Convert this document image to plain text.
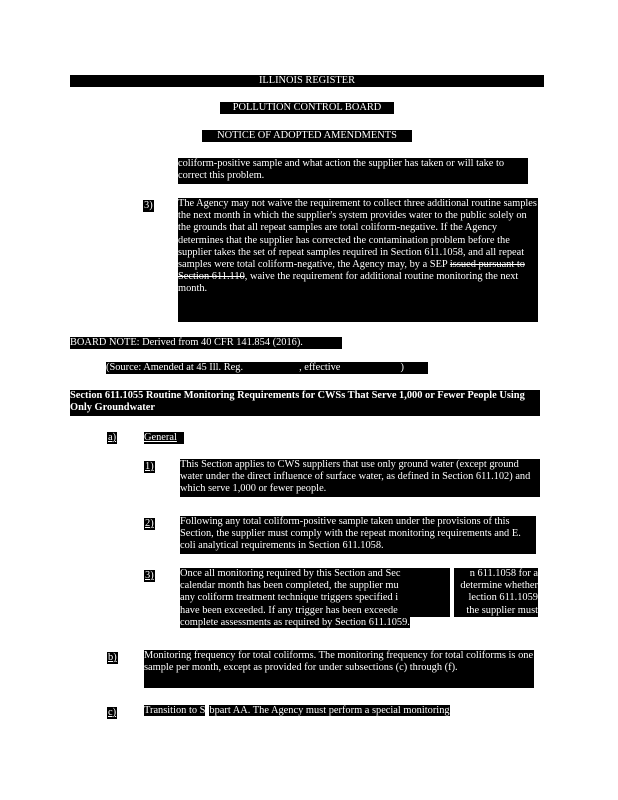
ILLINOIS REGISTER
POLLUTION CONTROL BOARD
NOTICE OF ADOPTED AMENDMENTS
coliform-positive sample and what action the supplier has taken or will take to correct this problem.
3) The Agency may not waive the requirement to collect three additional routine samples the next month in which the supplier's system provides water to the public solely on the grounds that all repeat samples are total coliform-negative. If the Agency determines that the supplier has corrected the contamination problem before the supplier takes the set of repeat samples required in Section 611.1058, and all repeat samples were total coliform-negative, the Agency may, by a SEP issued pursuant to Section 611.110, waive the requirement for additional routine monitoring the next month.
BOARD NOTE: Derived from 40 CFR 141.854 (2016).
(Source: Amended at 45 Ill. Reg.	, effective	)
Section 611.1055 Routine Monitoring Requirements for CWSs That Serve 1,000 or Fewer People Using Only Groundwater
a)	General
1)	This Section applies to CWS suppliers that use only ground water (except ground water under the direct influence of surface water, as defined in Section 611.102) and which serve 1,000 or fewer people.
2)	Following any total coliform-positive sample taken under the provisions of this Section, the supplier must comply with the repeat monitoring requirements and E. coli analytical requirements in Section 611.1058.
3)	Once all monitoring required by this Section and Sec	n 611.1058 for a
calendar month has been completed, the supplier mu	determine whether
any coliform treatment technique triggers specified i	lection 611.1059
have been exceeded. If any trigger has been exceede	the supplier must
complete assessments as required by Section 611.1059.
b)	Monitoring frequency for total coliforms. The monitoring frequency for total coliforms is one sample per month, except as provided for under subsections (c) through (f).
c)	Transition to S bpart AA. The Agency must perform a special monitoring
